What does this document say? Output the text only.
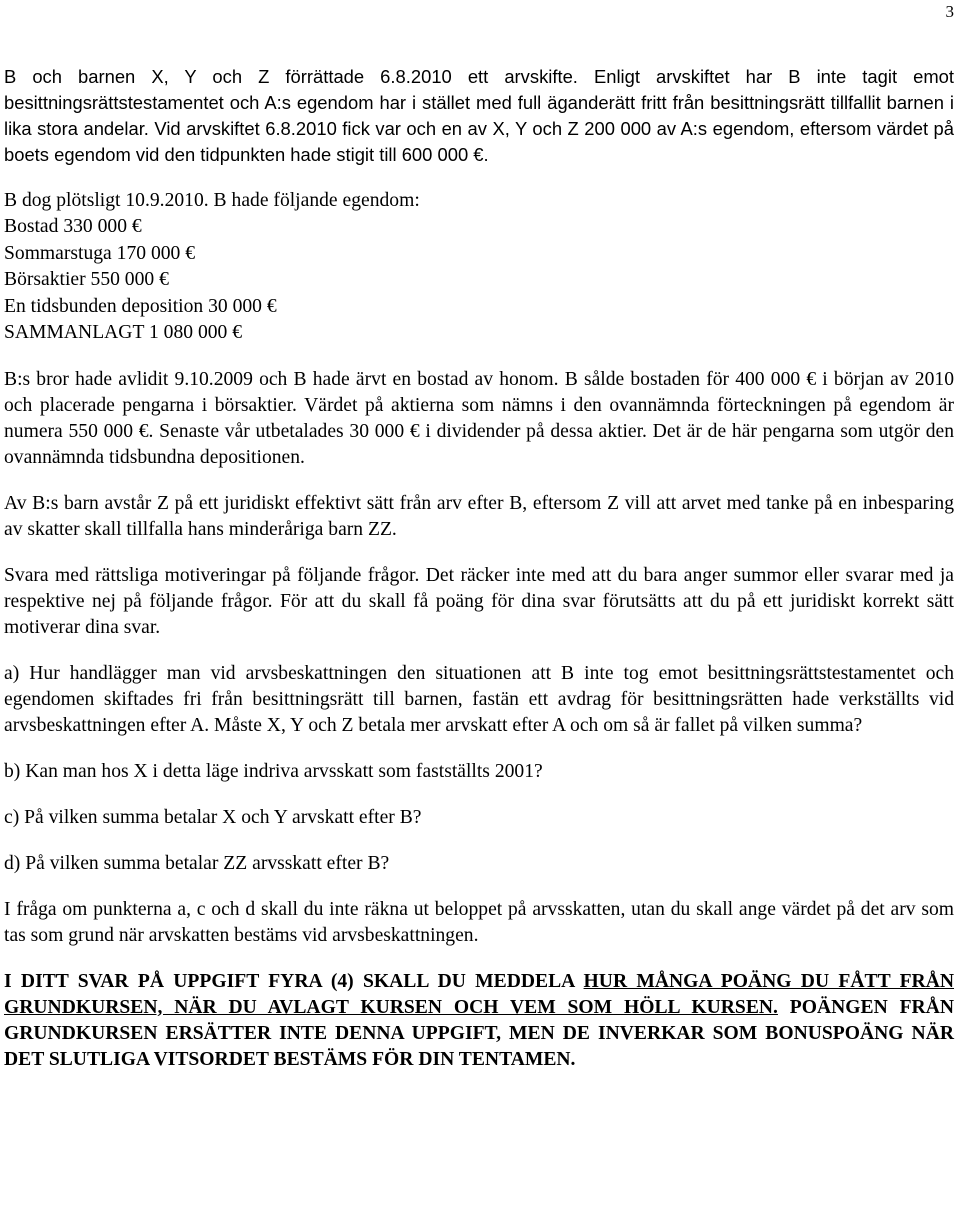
3

B och barnen X, Y och Z förrättade 6.8.2010 ett arvskifte. Enligt arvskiftet har B inte tagit emot besittningsrättstestamentet och A:s egendom har i stället med full äganderätt fritt från besittningsrätt tillfallit barnen i lika stora andelar. Vid arvskiftet 6.8.2010 fick var och en av X, Y och Z 200 000 av A:s egendom, eftersom värdet på boets egendom vid den tidpunkten hade stigit till 600 000 €.

B dog plötsligt 10.9.2010. B hade följande egendom:

Bostad 330 000 €

Sommarstuga 170 000 €

Börsaktier 550 000 €

En tidsbunden deposition 30 000 €

SAMMANLAGT 1 080 000 €

B:s bror hade avlidit 9.10.2009 och B hade ärvt en bostad av honom. B sålde bostaden för 400 000 € i början av 2010 och placerade pengarna i börsaktier. Värdet på aktierna som nämns i den ovannämnda förteckningen på egendom är numera 550 000 €. Senaste vår utbetalades 30 000 € i dividender på dessa aktier. Det är de här pengarna som utgör den ovannämnda tidsbundna depositionen.

Av B:s barn avstår Z på ett juridiskt effektivt sätt från arv efter B, eftersom Z vill att arvet med tanke på en inbesparing av skatter skall tillfalla hans minderåriga barn ZZ.

Svara med rättsliga motiveringar på följande frågor. Det räcker inte med att du bara anger summor eller svarar med ja respektive nej på följande frågor. För att du skall få poäng för dina svar förutsätts att du på ett juridiskt korrekt sätt motiverar dina svar.

a) Hur handlägger man vid arvsbeskattningen den situationen att B inte tog emot besittningsrättstestamentet och egendomen skiftades fri från besittningsrätt till barnen, fastän ett avdrag för besittningsrätten hade verkställts vid arvsbeskattningen efter A. Måste X, Y och Z betala mer arvskatt efter A och om så är fallet på vilken summa?

b) Kan man hos X i detta läge indriva arvsskatt som fastställts 2001?

c) På vilken summa betalar X och Y arvskatt efter B?

d) På vilken summa betalar ZZ arvsskatt efter B?

I fråga om punkterna a, c och d skall du inte räkna ut beloppet på arvsskatten, utan du skall ange värdet på det arv som tas som grund när arvskatten bestäms vid arvsbeskattningen.

I DITT SVAR PÅ UPPGIFT FYRA (4) SKALL DU MEDDELA HUR MÅNGA POÄNG DU FÅTT FRÅN GRUNDKURSEN, NÄR DU AVLAGT KURSEN OCH VEM SOM HÖLL KURSEN. POÄNGEN FRÅN GRUNDKURSEN ERSÄTTER INTE DENNA UPPGIFT, MEN DE INVERKAR SOM BONUSPOÄNG NÄR DET SLUTLIGA VITSORDET BESTÄMS FÖR DIN TENTAMEN.
